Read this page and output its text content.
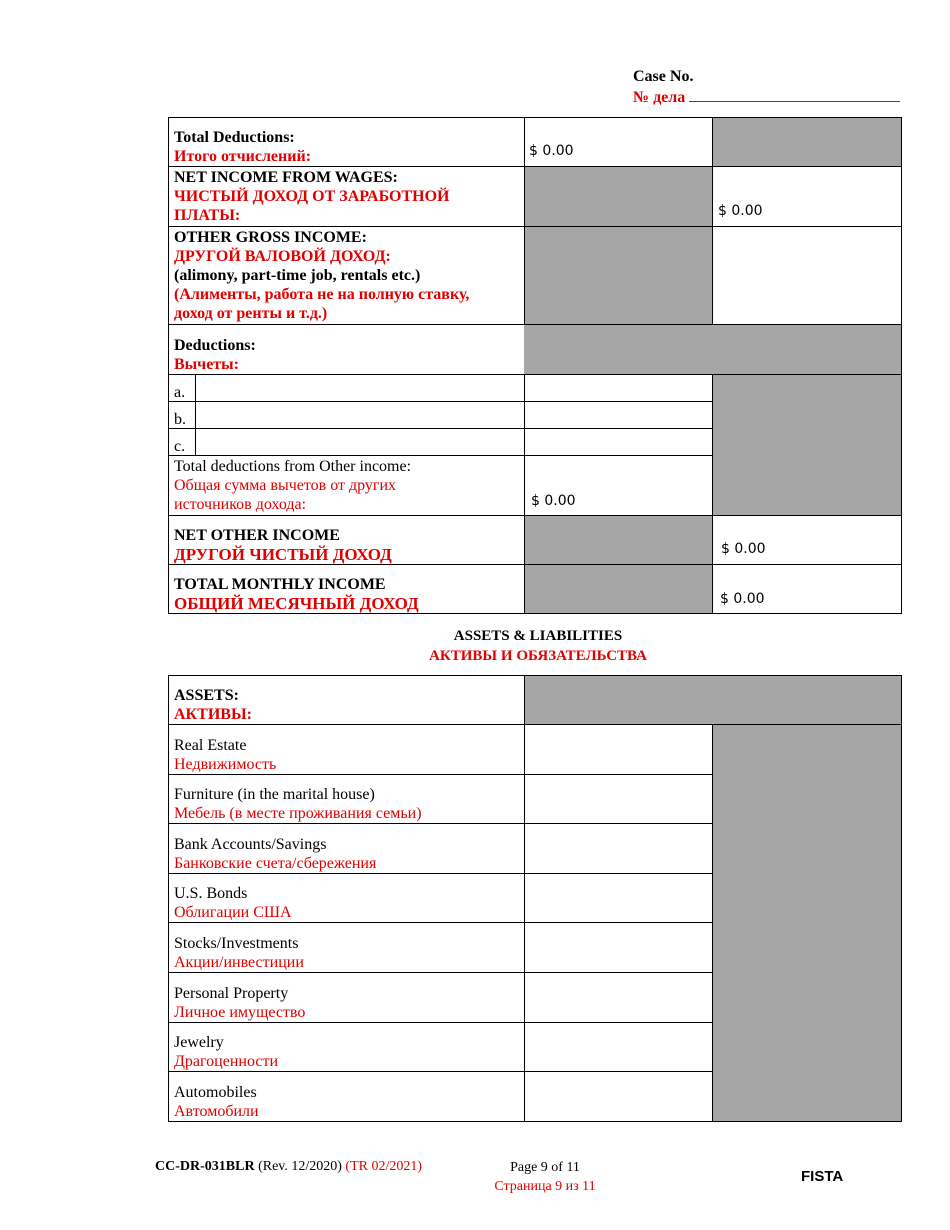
Case No.
№ дела
Total Deductions:
Итого отчислений:	$ 0.00
NET INCOME FROM WAGES:
ЧИСТЫЙ ДОХОД ОТ ЗАРАБОТНОЙ
ПЛАТЫ:	$ 0.00
OTHER GROSS INCOME:
ДРУГОЙ ВАЛОВОЙ ДОХОД:
(alimony, part-time job, rentals etc.)
(Алименты, работа не на полную ставку,
доход от ренты и т.д.)
Deductions:
Вычеты:
a.
b.
c.
Total deductions from Other income:
Общая сумма вычетов от других
источников дохода:	$ 0.00
NET OTHER INCOME
ДРУГОЙ ЧИСТЫЙ ДОХОД	$ 0.00
TOTAL MONTHLY INCOME
ОБЩИЙ МЕСЯЧНЫЙ ДОХОД	$ 0.00
ASSETS & LIABILITIES
АКТИВЫ И ОБЯЗАТЕЛЬСТВА
ASSETS:
АКТИВЫ:
Real Estate
Недвижимость
Furniture (in the marital house)
Мебель (в месте проживания семьи)
Bank Accounts/Savings
Банковские счета/сбережения
U.S. Bonds
Облигации США
Stocks/Investments
Акции/инвестиции
Personal Property
Личное имущество
Jewelry
Драгоценности
Automobiles
Автомобили
CC-DR-031BLR (Rev. 12/2020) (TR 02/2021)	Page 9 of 11
Страница 9 из 11
FISTA
